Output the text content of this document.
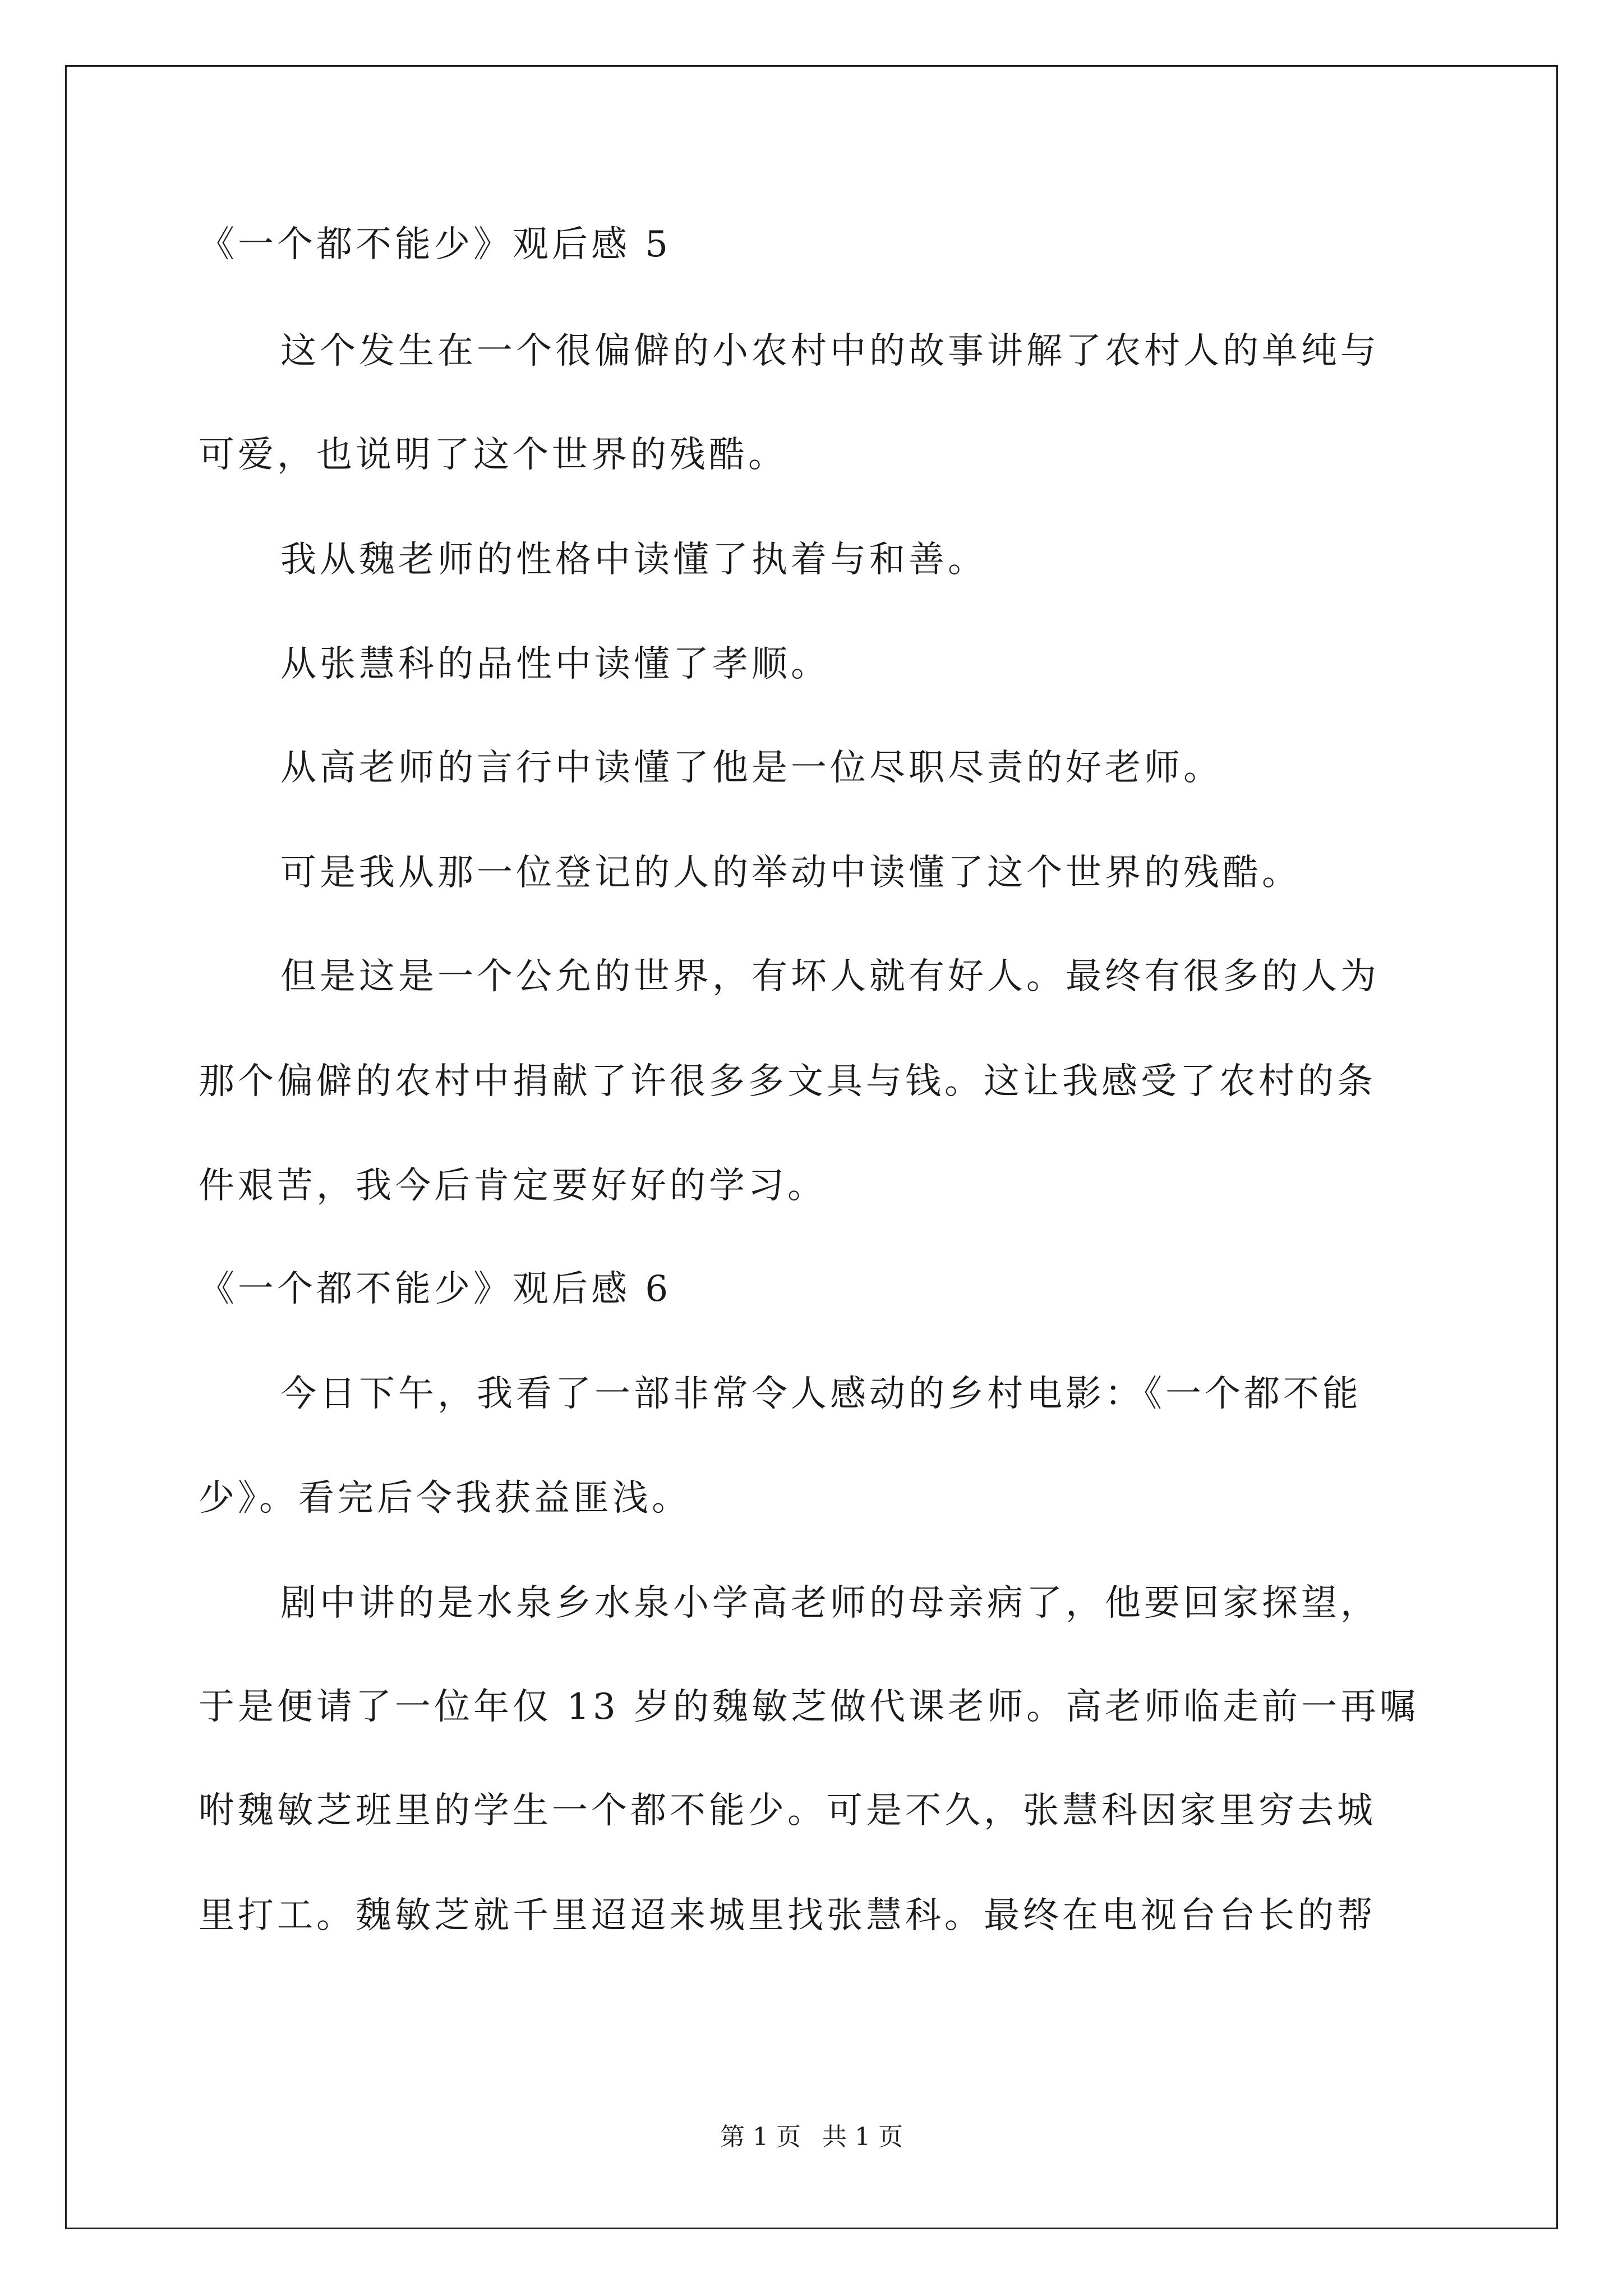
《一个都不能少》观后感 5
这个发生在一个很偏僻的小农村中的故事讲解了农村人的单纯与
可爱，也说明了这个世界的残酷。
我从魏老师的性格中读懂了执着与和善。
从张慧科的品性中读懂了孝顺。
从高老师的言行中读懂了他是一位尽职尽责的好老师。
可是我从那一位登记的人的举动中读懂了这个世界的残酷。
但是这是一个公允的世界，有坏人就有好人。最终有很多的人为
那个偏僻的农村中捐献了许很多多文具与钱。这让我感受了农村的条
件艰苦，我今后肯定要好好的学习。
《一个都不能少》观后感 6
今日下午，我看了一部非常令人感动的乡村电影：《一个都不能
少》。看完后令我获益匪浅。
剧中讲的是水泉乡水泉小学高老师的母亲病了，他要回家探望，
于是便请了一位年仅 13 岁的魏敏芝做代课老师。高老师临走前一再嘱
咐魏敏芝班里的学生一个都不能少。可是不久，张慧科因家里穷去城
里打工。魏敏芝就千里迢迢来城里找张慧科。最终在电视台台长的帮
第 1 页 共 1 页
